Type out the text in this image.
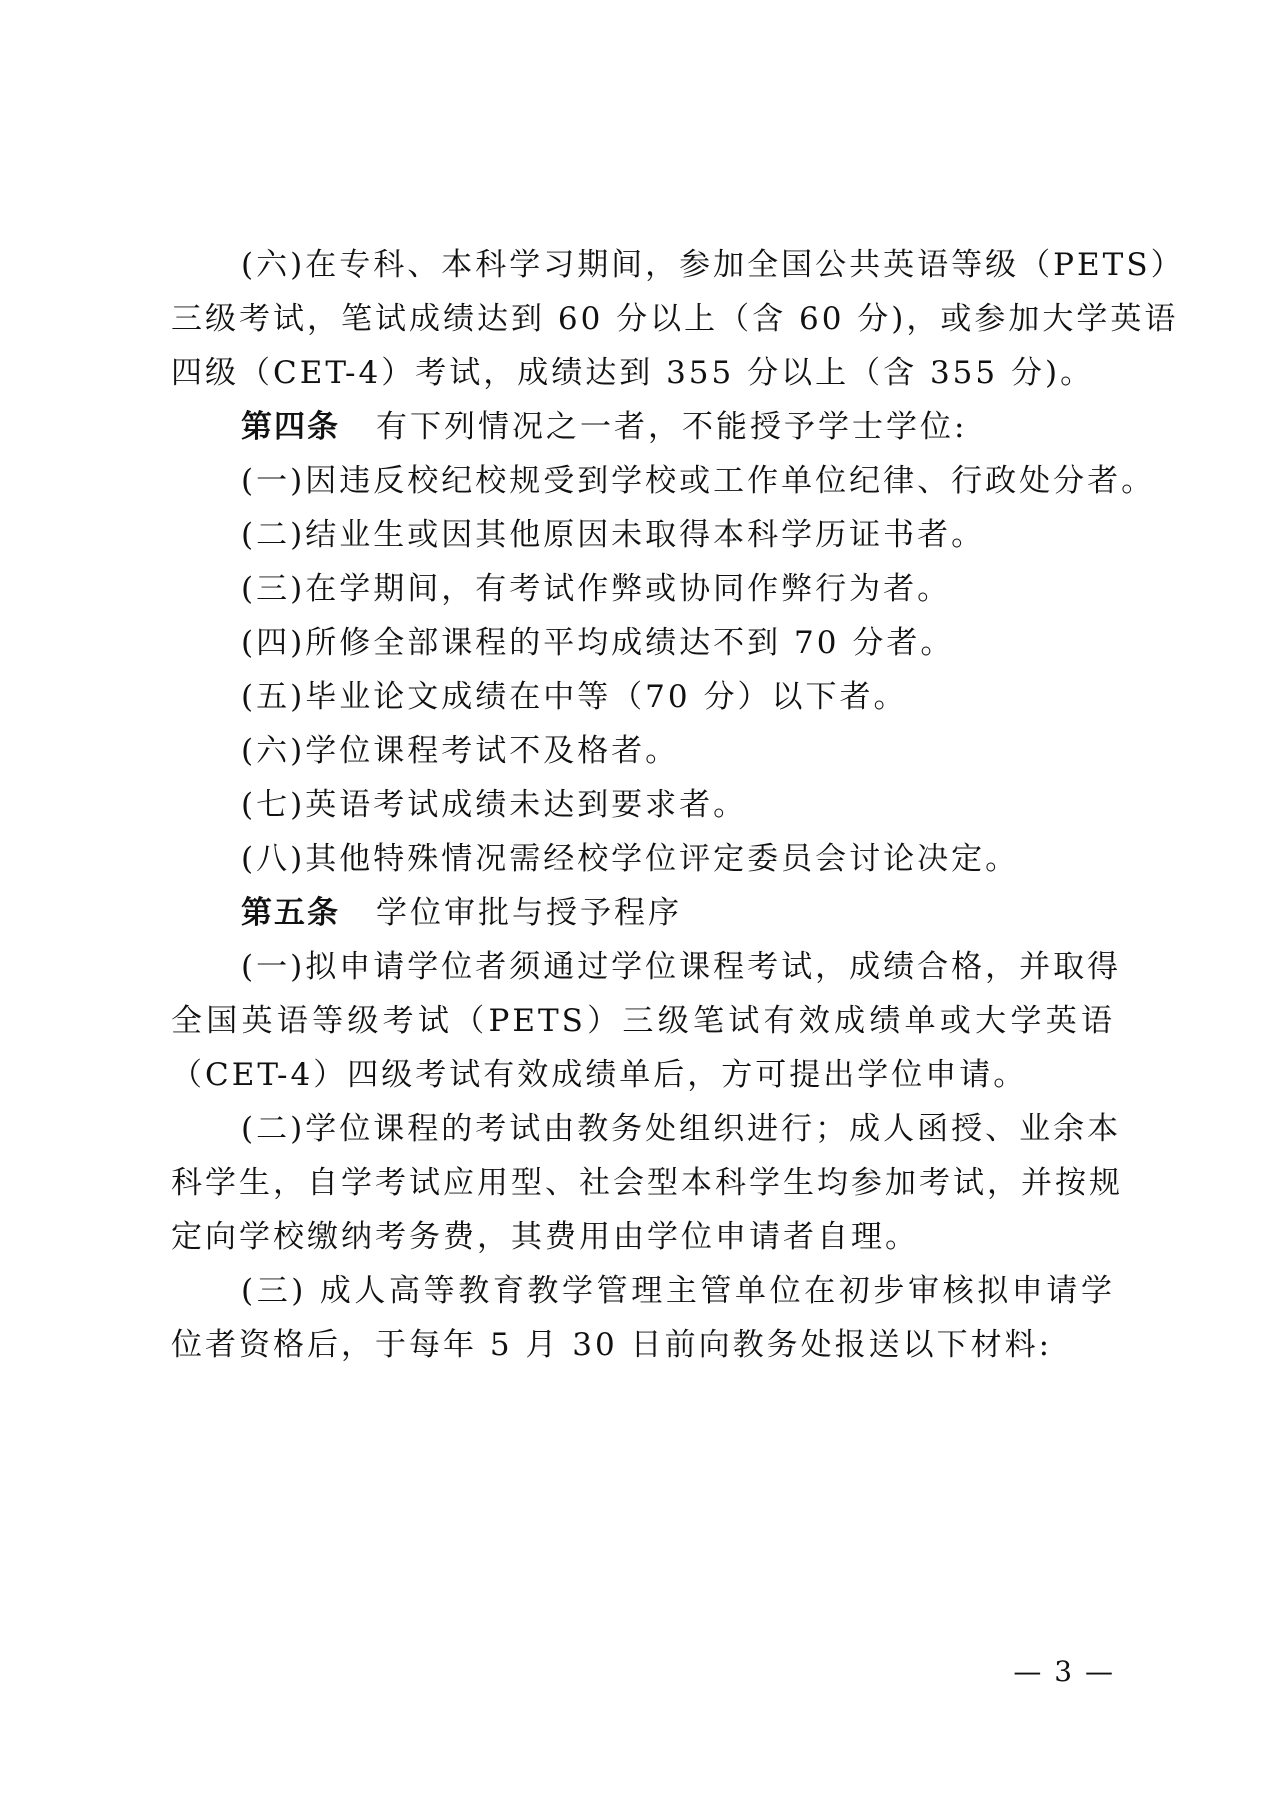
(六)在专科、本科学习期间，参加全国公共英语等级（PETS）
三级考试，笔试成绩达到 60 分以上（含 60 分)，或参加大学英语
四级（CET-4）考试，成绩达到 355 分以上（含 355 分)。
第四条 有下列情况之一者，不能授予学士学位:
(一)因违反校纪校规受到学校或工作单位纪律、行政处分者。
(二)结业生或因其他原因未取得本科学历证书者。
(三)在学期间，有考试作弊或协同作弊行为者。
(四)所修全部课程的平均成绩达不到 70 分者。
(五)毕业论文成绩在中等（70 分）以下者。
(六)学位课程考试不及格者。
(七)英语考试成绩未达到要求者。
(八)其他特殊情况需经校学位评定委员会讨论决定。
第五条 学位审批与授予程序
(一)拟申请学位者须通过学位课程考试，成绩合格，并取得
全国英语等级考试（PETS）三级笔试有效成绩单或大学英语
（CET-4）四级考试有效成绩单后，方可提出学位申请。
(二)学位课程的考试由教务处组织进行；成人函授、业余本
科学生，自学考试应用型、社会型本科学生均参加考试，并按规
定向学校缴纳考务费，其费用由学位申请者自理。
(三) 成人高等教育教学管理主管单位在初步审核拟申请学
位者资格后，于每年 5 月 30 日前向教务处报送以下材料:
— 3 —
